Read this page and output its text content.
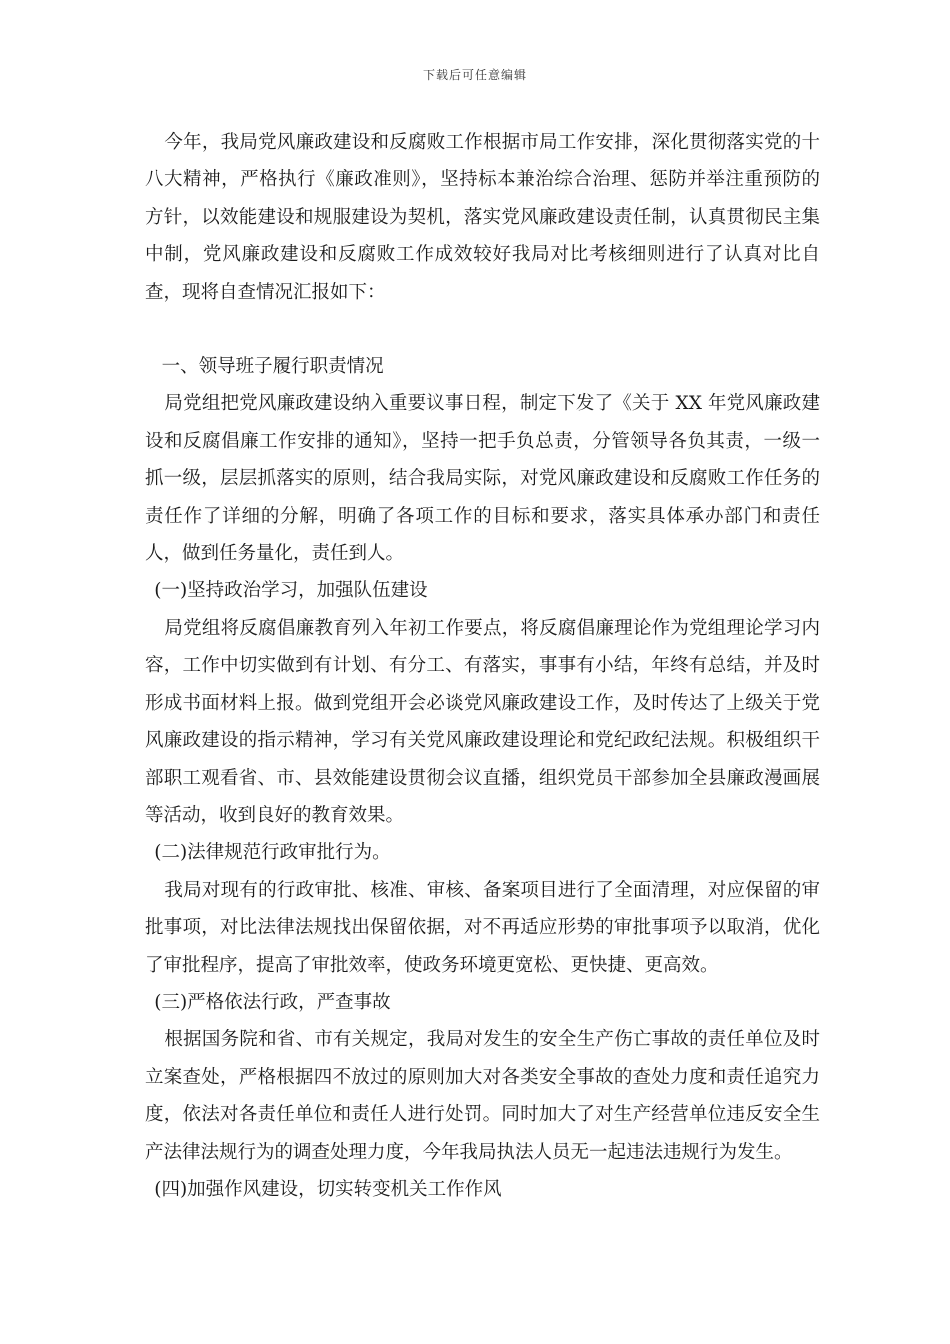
下载后可任意编辑

今年，我局党风廉政建设和反腐败工作根据市局工作安排，深化贯彻落实党的十八大精神，严格执行《廉政准则》，坚持标本兼治综合治理、惩防并举注重预防的方针，以效能建设和规服建设为契机，落实党风廉政建设责任制，认真贯彻民主集中制，党风廉政建设和反腐败工作成效较好我局对比考核细则进行了认真对比自查，现将自查情况汇报如下：

一、领导班子履行职责情况

局党组把党风廉政建设纳入重要议事日程，制定下发了《关于 XX 年党风廉政建设和反腐倡廉工作安排的通知》，坚持一把手负总责，分管领导各负其责，一级一抓一级，层层抓落实的原则，结合我局实际，对党风廉政建设和反腐败工作任务的责任作了详细的分解，明确了各项工作的目标和要求，落实具体承办部门和责任人，做到任务量化，责任到人。

(一)坚持政治学习，加强队伍建设

局党组将反腐倡廉教育列入年初工作要点，将反腐倡廉理论作为党组理论学习内容，工作中切实做到有计划、有分工、有落实，事事有小结，年终有总结，并及时形成书面材料上报。做到党组开会必谈党风廉政建设工作，及时传达了上级关于党风廉政建设的指示精神，学习有关党风廉政建设理论和党纪政纪法规。积极组织干部职工观看省、市、县效能建设贯彻会议直播，组织党员干部参加全县廉政漫画展等活动，收到良好的教育效果。

(二)法律规范行政审批行为。

我局对现有的行政审批、核准、审核、备案项目进行了全面清理，对应保留的审批事项，对比法律法规找出保留依据，对不再适应形势的审批事项予以取消，优化了审批程序，提高了审批效率，使政务环境更宽松、更快捷、更高效。

(三)严格依法行政，严查事故

根据国务院和省、市有关规定，我局对发生的安全生产伤亡事故的责任单位及时立案查处，严格根据四不放过的原则加大对各类安全事故的查处力度和责任追究力度，依法对各责任单位和责任人进行处罚。同时加大了对生产经营单位违反安全生产法律法规行为的调查处理力度，今年我局执法人员无一起违法违规行为发生。

(四)加强作风建设，切实转变机关工作作风
